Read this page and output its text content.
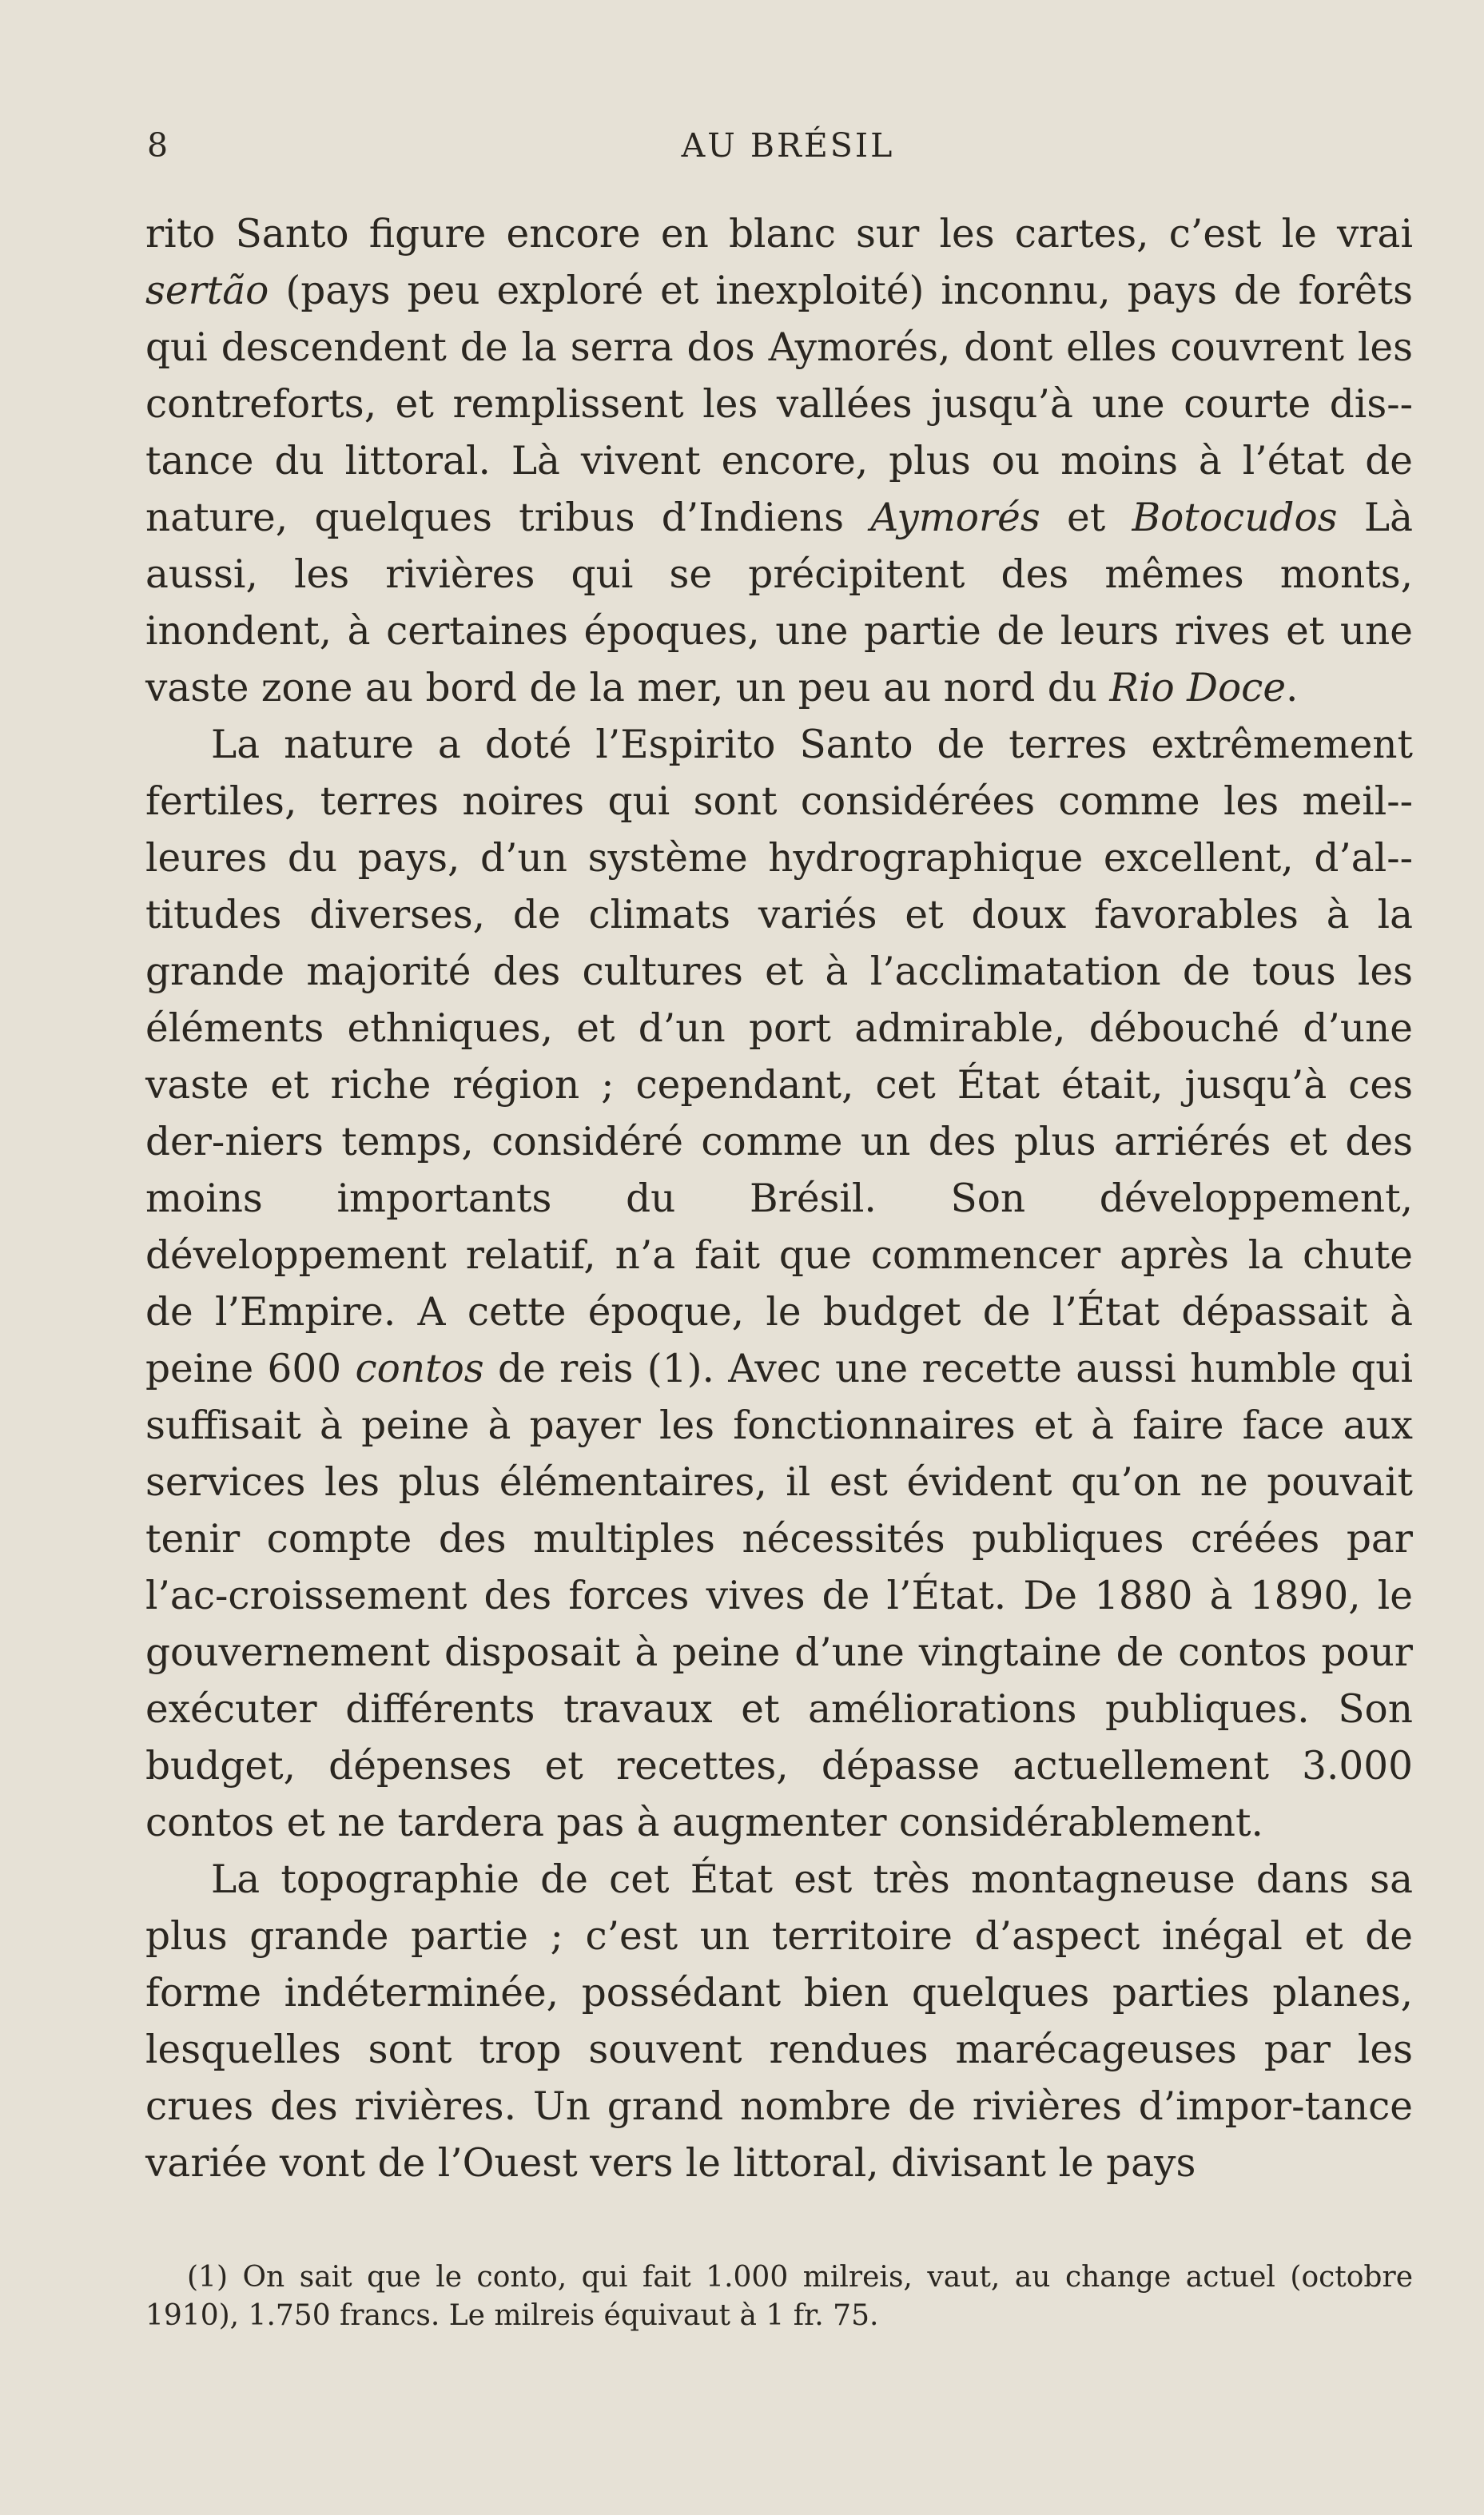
8	AU BRÉSIL

rito Santo figure encore en blanc sur les cartes, c’est le vrai sertão (pays peu exploré et inexploité) inconnu, pays de forêts qui descendent de la serra dos Aymorés, dont elles couvrent les contreforts, et remplissent les vallées jusqu’à une courte dis-tance du littoral. Là vivent encore, plus ou moins à l’état de nature, quelques tribus d’Indiens Aymorés et Botocudos Là aussi, les rivières qui se précipitent des mêmes monts, inondent, à certaines époques, une partie de leurs rives et une vaste zone au bord de la mer, un peu au nord du Rio Doce.

La nature a doté l’Espirito Santo de terres extrêmement fertiles, terres noires qui sont considérées comme les meil-leures du pays, d’un système hydrographique excellent, d’al-titudes diverses, de climats variés et doux favorables à la grande majorité des cultures et à l’acclimatation de tous les éléments ethniques, et d’un port admirable, débouché d’une vaste et riche région ; cependant, cet État était, jusqu’à ces der-niers temps, considéré comme un des plus arriérés et des moins importants du Brésil. Son développement, développement relatif, n’a fait que commencer après la chute de l’Empire. A cette époque, le budget de l’État dépassait à peine 600 contos de reis (1). Avec une recette aussi humble qui suffisait à peine à payer les fonctionnaires et à faire face aux services les plus élémentaires, il est évident qu’on ne pouvait tenir compte des multiples nécessités publiques créées par l’ac-croissement des forces vives de l’État. De 1880 à 1890, le gouvernement disposait à peine d’une vingtaine de contos pour exécuter différents travaux et améliorations publiques. Son budget, dépenses et recettes, dépasse actuellement 3.000 contos et ne tardera pas à augmenter considérablement.

La topographie de cet État est très montagneuse dans sa plus grande partie ; c’est un territoire d’aspect inégal et de forme indéterminée, possédant bien quelques parties planes, lesquelles sont trop souvent rendues marécageuses par les crues des rivières. Un grand nombre de rivières d’impor-tance variée vont de l’Ouest vers le littoral, divisant le pays

(1) On sait que le conto, qui fait 1.000 milreis, vaut, au change actuel (octobre 1910), 1.750 francs. Le milreis équivaut à 1 fr. 75.
